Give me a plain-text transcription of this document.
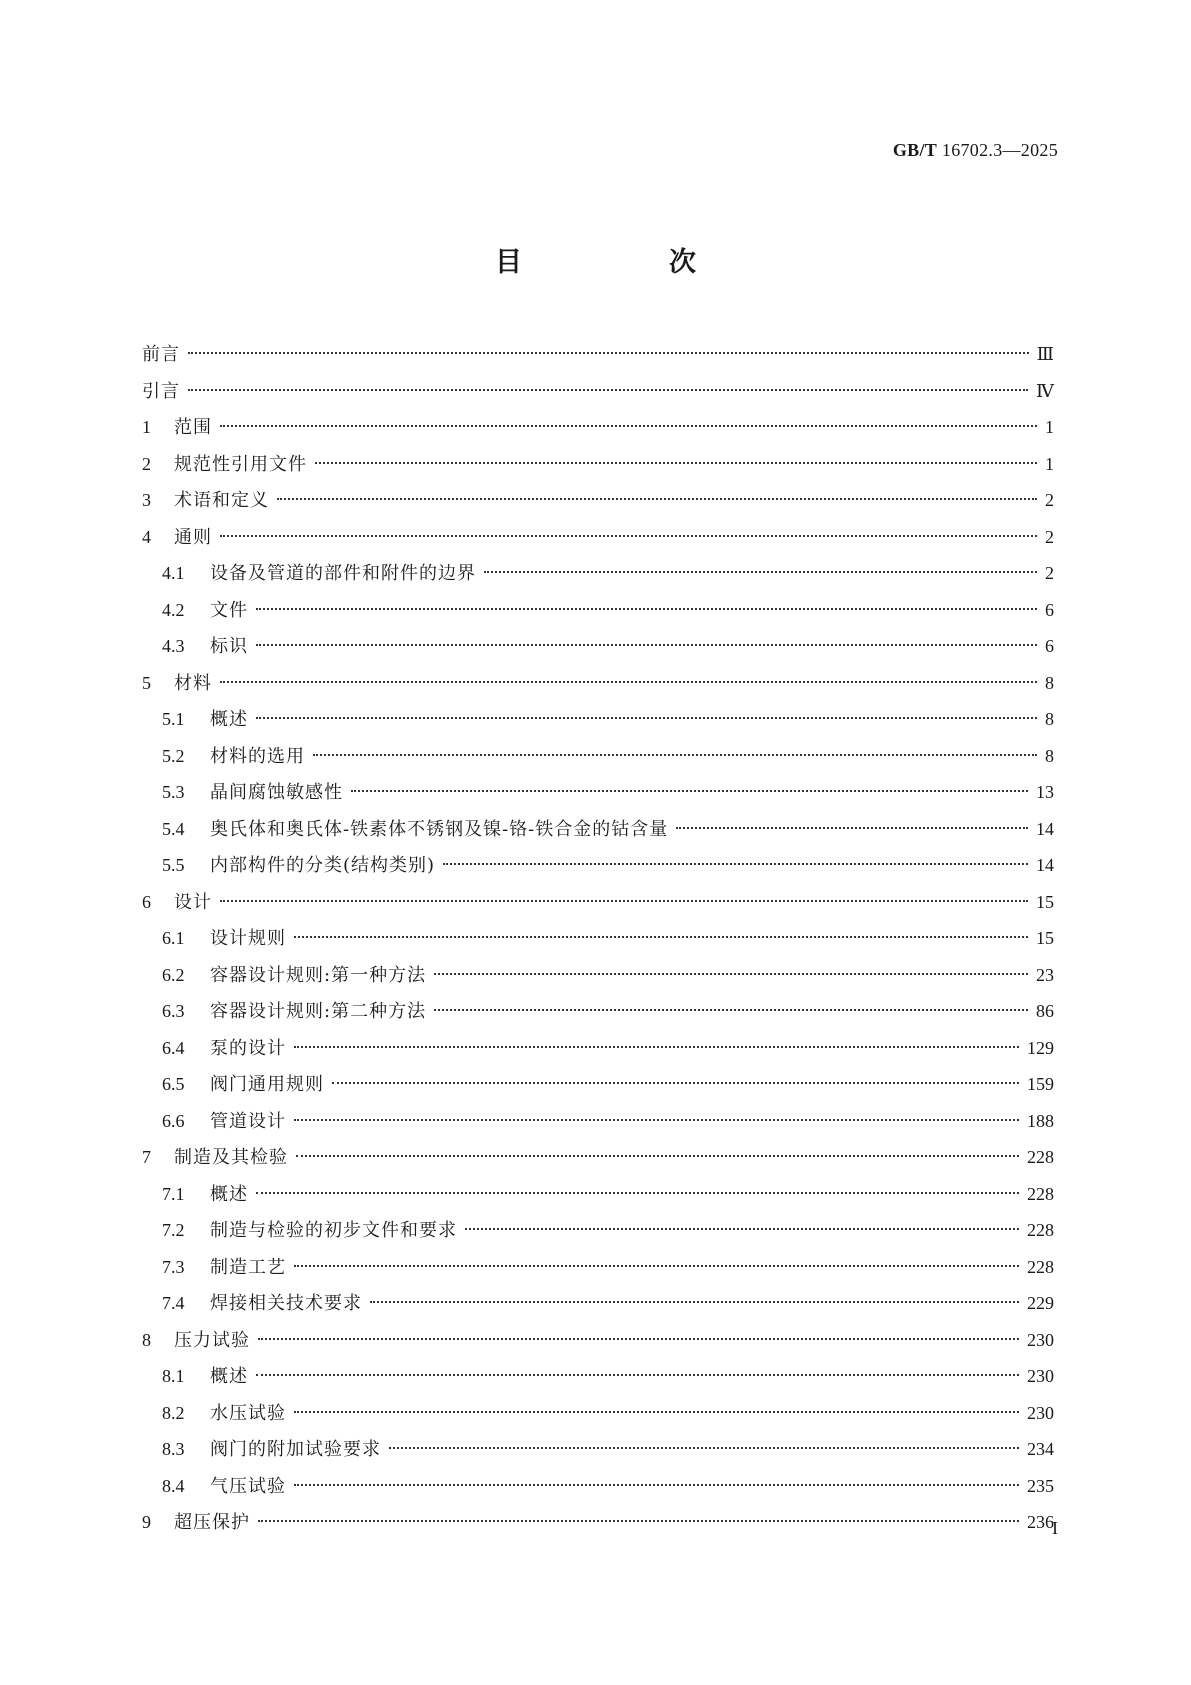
GB/T 16702.3—2025
目　次
前言	Ⅲ
引言	Ⅳ
1	范围	1
2	规范性引用文件	1
3	术语和定义	2
4	通则	2
4.1	设备及管道的部件和附件的边界	2
4.2	文件	6
4.3	标识	6
5	材料	8
5.1	概述	8
5.2	材料的选用	8
5.3	晶间腐蚀敏感性	13
5.4	奥氏体和奥氏体-铁素体不锈钢及镍-铬-铁合金的钴含量	14
5.5	内部构件的分类(结构类别)	14
6	设计	15
6.1	设计规则	15
6.2	容器设计规则:第一种方法	23
6.3	容器设计规则:第二种方法	86
6.4	泵的设计	129
6.5	阀门通用规则	159
6.6	管道设计	188
7	制造及其检验	228
7.1	概述	228
7.2	制造与检验的初步文件和要求	228
7.3	制造工艺	228
7.4	焊接相关技术要求	229
8	压力试验	230
8.1	概述	230
8.2	水压试验	230
8.3	阀门的附加试验要求	234
8.4	气压试验	235
9	超压保护	236
I
